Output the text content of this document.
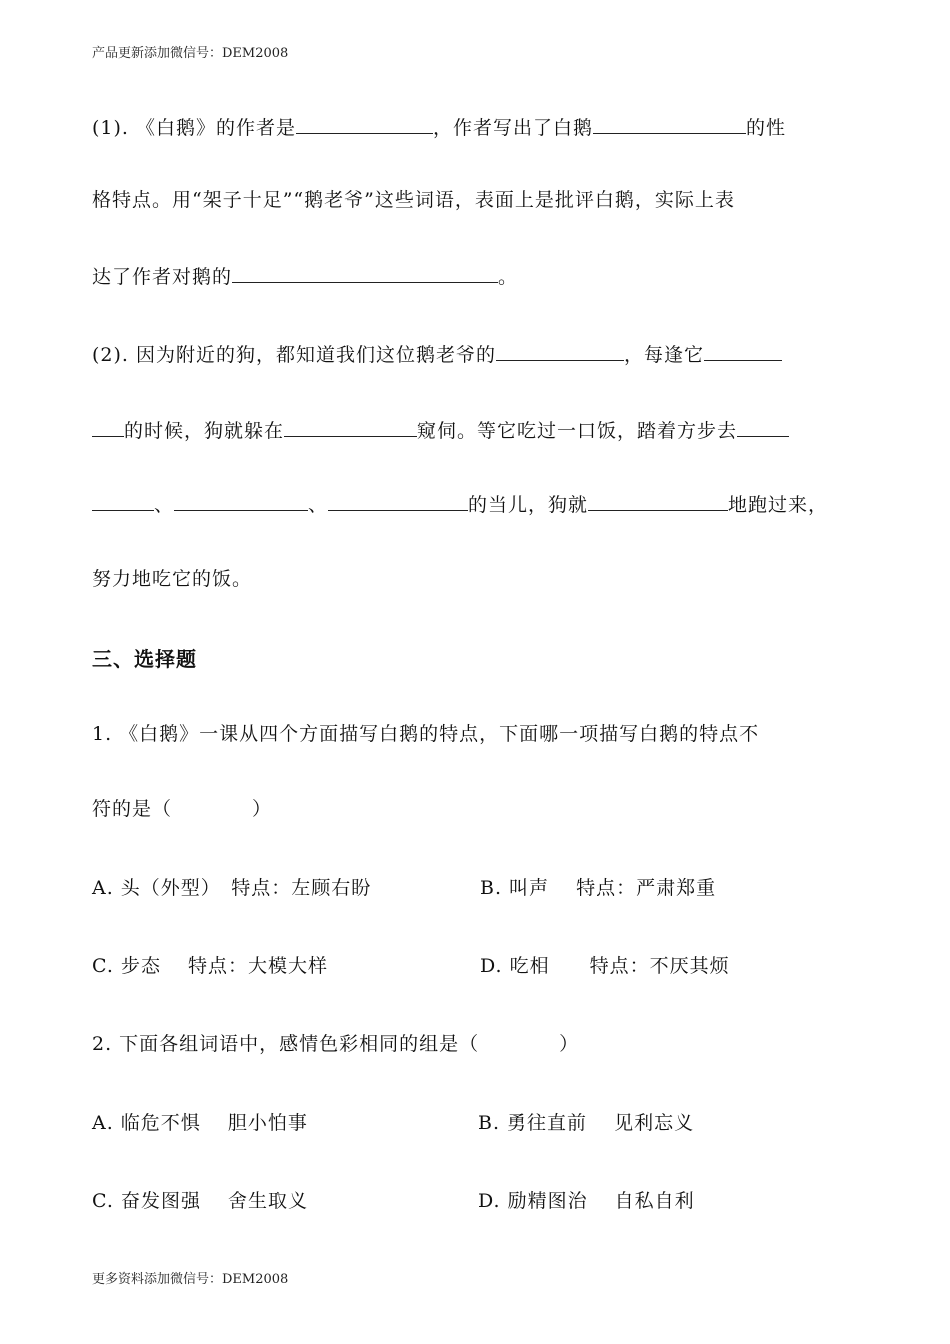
产品更新添加微信号：DEM2008
(1). 《白鹅》的作者是	，作者写出了白鹅	的性
格特点。用“架子十足”“鹅老爷”这些词语，表面上是批评白鹅，实际上表
达了作者对鹅的	。
(2). 因为附近的狗，都知道我们这位鹅老爷的	，每逢它
的时候，狗就躲在	窥伺。等它吃过一口饭，踏着方步去
、	、	的当儿，狗就	地跑过来，
努力地吃它的饭。
三、选择题
1. 《白鹅》一课从四个方面描写白鹅的特点，下面哪一项描写白鹅的特点不
符的是（　　　　）
A. 头（外型）　特点：左顾右盼	B. 叫声　 特点：严肃郑重
C. 步态　 特点：大模大样	D. 吃相　　特点：不厌其烦
2. 下面各组词语中，感情色彩相同的组是（　　　　）
A. 临危不惧　 胆小怕事	B. 勇往直前　 见利忘义
C. 奋发图强　 舍生取义	D. 励精图治　 自私自利
更多资料添加微信号：DEM2008
